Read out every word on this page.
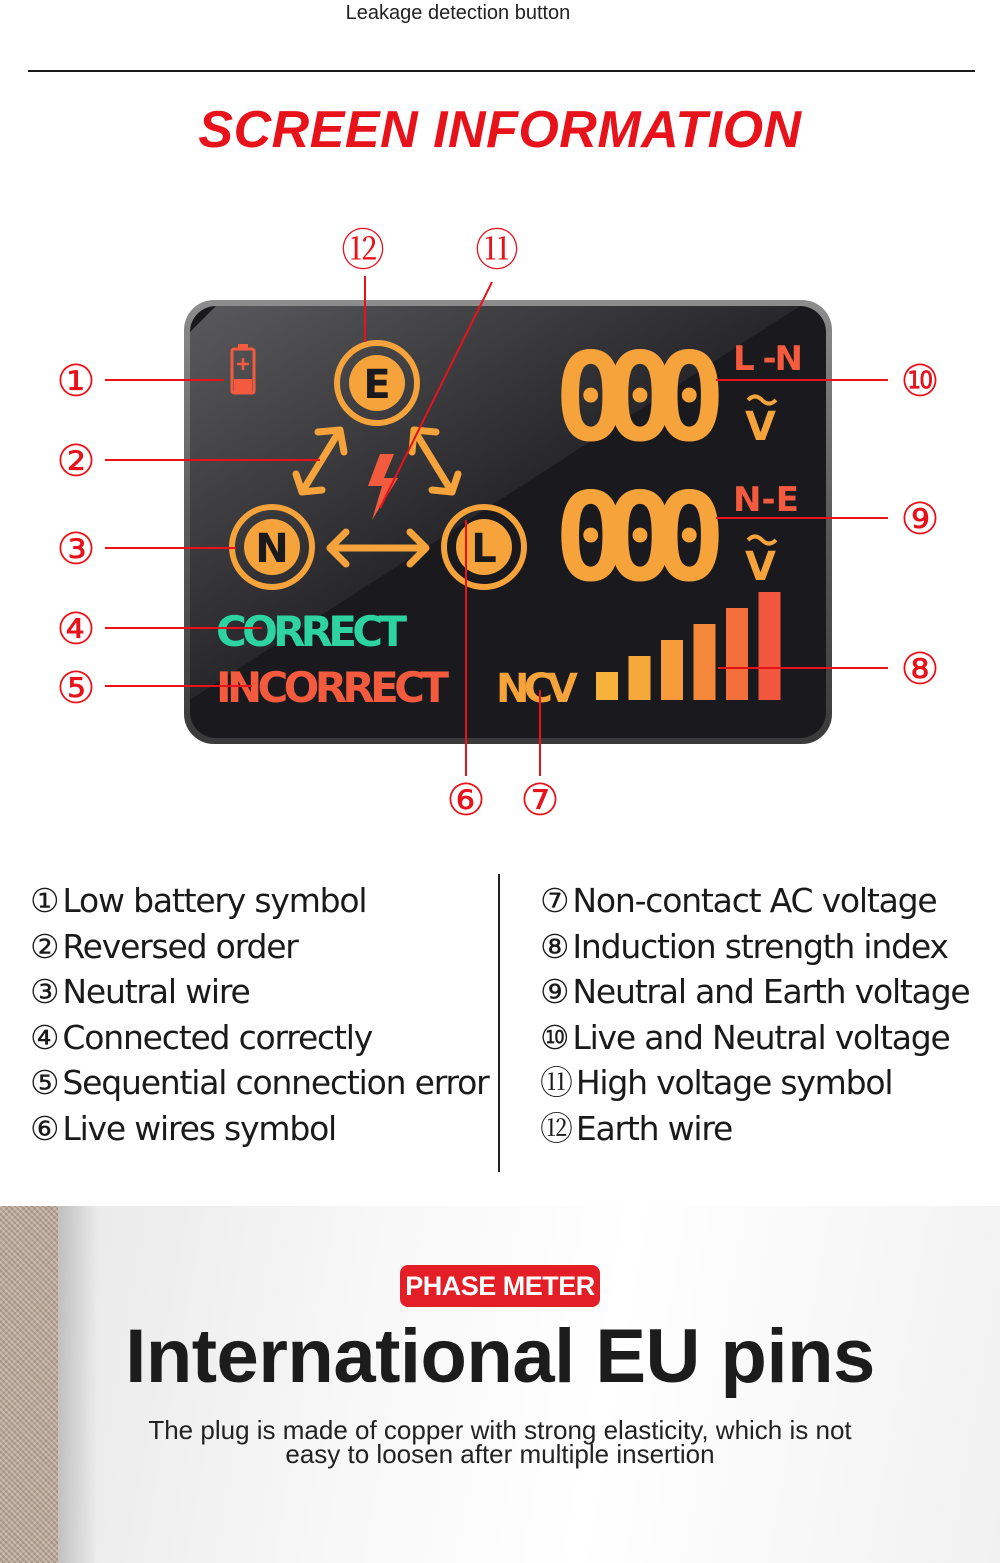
Leakage detection button
SCREEN INFORMATION
E
N	L
CORRECT
INCORRECT NCV
000
000
L -N
N-E
V
V
①
②
③
④
⑤
⑥ ⑦
⑧
⑨
⑩
⑪
⑫
① Low battery symbol
② Reversed order
③ Neutral wire
④ Connected correctly
⑤ Sequential connection error
⑥ Live wires symbol
⑦ Non-contact AC voltage
⑧ Induction strength index
⑨ Neutral and Earth voltage
⑩ Live and Neutral voltage
⑪ High voltage symbol
⑫ Earth wire
PHASE METER
International EU pins
The plug is made of copper with strong elasticity, which is not
easy to loosen after multiple insertion
